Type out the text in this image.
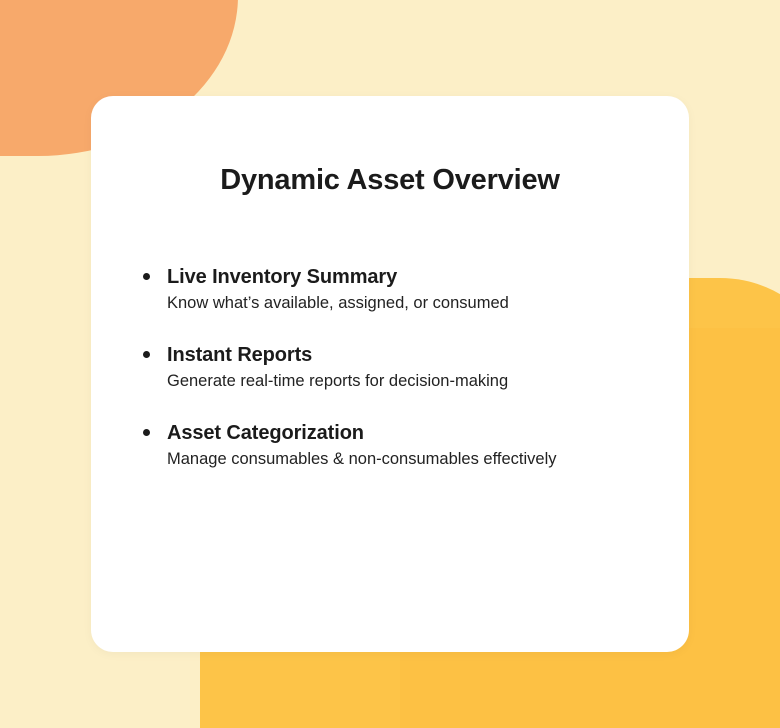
Dynamic Asset Overview
Live Inventory Summary
Know what’s available, assigned, or consumed
Instant Reports
Generate real-time reports for decision-making
Asset Categorization
Manage consumables & non-consumables effectively
